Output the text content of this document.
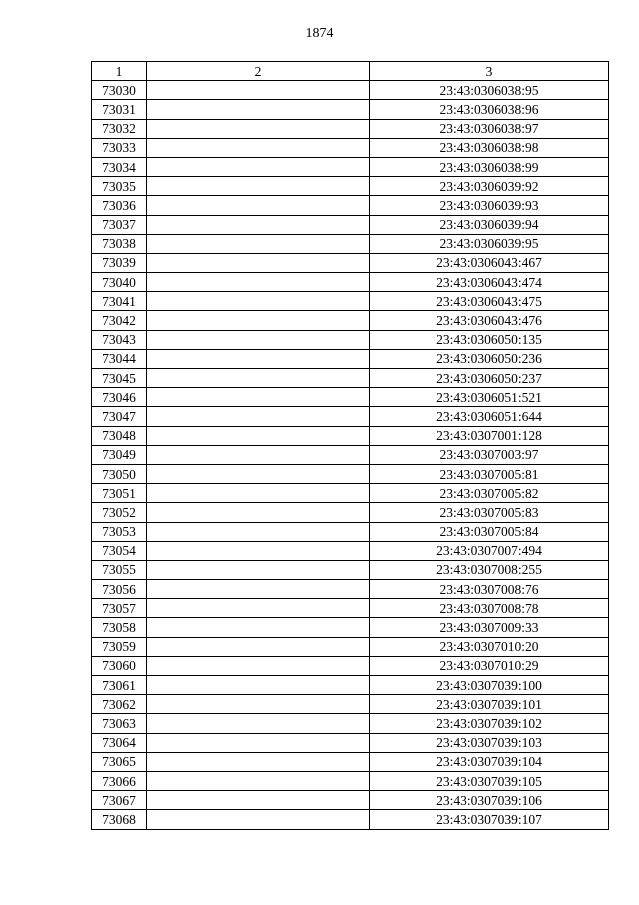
1874
1	2	3
73030		23:43:0306038:95
73031		23:43:0306038:96
73032		23:43:0306038:97
73033		23:43:0306038:98
73034		23:43:0306038:99
73035		23:43:0306039:92
73036		23:43:0306039:93
73037		23:43:0306039:94
73038		23:43:0306039:95
73039		23:43:0306043:467
73040		23:43:0306043:474
73041		23:43:0306043:475
73042		23:43:0306043:476
73043		23:43:0306050:135
73044		23:43:0306050:236
73045		23:43:0306050:237
73046		23:43:0306051:521
73047		23:43:0306051:644
73048		23:43:0307001:128
73049		23:43:0307003:97
73050		23:43:0307005:81
73051		23:43:0307005:82
73052		23:43:0307005:83
73053		23:43:0307005:84
73054		23:43:0307007:494
73055		23:43:0307008:255
73056		23:43:0307008:76
73057		23:43:0307008:78
73058		23:43:0307009:33
73059		23:43:0307010:20
73060		23:43:0307010:29
73061		23:43:0307039:100
73062		23:43:0307039:101
73063		23:43:0307039:102
73064		23:43:0307039:103
73065		23:43:0307039:104
73066		23:43:0307039:105
73067		23:43:0307039:106
73068		23:43:0307039:107
